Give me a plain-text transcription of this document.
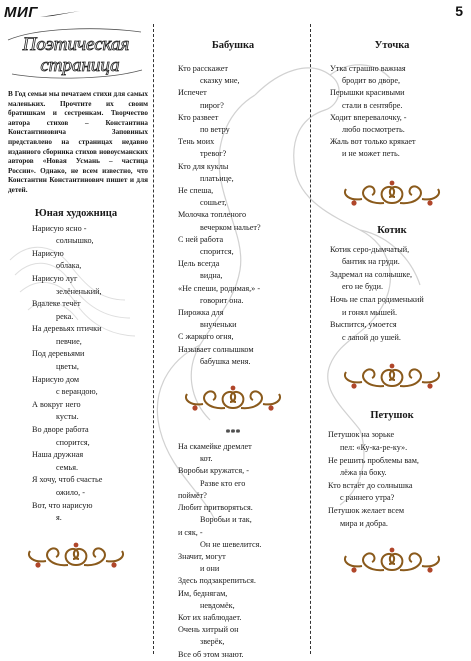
МИГ	5
Поэтическая
страница

В Год семьи мы печатаем стихи для самых маленьких. Прочтите их своим братишкам и сестренкам. Творчество автора стихов – Константина Константиновича Заповиных представлено на страницах недавно изданного сборника стихов новоусманских авторов «Новая Усмань – частица России». Однако, не всем известно, что Константин Константинович пишет и для детей.

Юная художница
Нарисую ясно -
солнышко,
Нарисую
облака,
Нарисую луг
зелёненький,
Вдалеке течёт
река.
На деревьях птички
певчие,
Под деревьями
цветы,
Нарисую дом
с верандою,
А вокруг него
кусты.
Во дворе работа
спорится,
Наша дружная
семья.
Я хочу, чтоб счастье
ожило, -
Вот, что нарисую
я.
Бабушка
Кто расскажет
сказку мне,
Испечет
пирог?
Кто развеет
по ветру
Тень моих
тревог?
Кто для куклы
платьице,
Не спеша,
сошьет,
Молочка топленого
вечерком нальет?
С ней работа
спорится,
Цель всегда
видна,
«Не спеши, родимая,» -
говорит она.
Пирожка для
внученьки
С жаркого огня,
Называет солнышком
бабушка меня.
***
На скамейке дремлет
кот.
Воробьи кружатся, -
Разве кто его
поймёт?
Любит притворяться.
Воробьи и так,
и сяк, -
Он не шевелится.
Значит, могут
и они
Здесь подзакрепиться.
Им, беднягам,
невдомёк,
Кот их наблюдает.
Очень хитрый он
зверёк,
Все об этом знают.
Уточка
Утка страшно важная
бродит во дворе,
Перышки красивыми
стали в сентябре.
Ходит вперевалочку, -
любо посмотреть.
Жаль вот только крякает
и не может петь.
Котик
Котик серо-дымчатый,
бантик на груди.
Задремал на солнышке,
его не буди.
Ночь не спал родименький
и гонял мышей.
Выспится, умоется
с лапой до ушей.
Петушок
Петушок на зорьке
пел: «Ку-ка-ре-ку».
Не решить проблемы вам,
лёжа на боку.
Кто встаёт до солнышка
с раннего утра?
Петушок желает всем
мира и добра.
